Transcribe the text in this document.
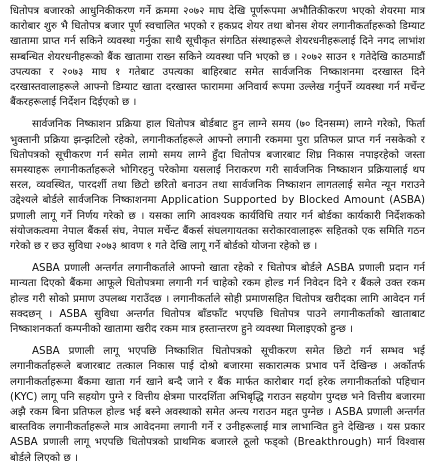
धितोपत्र बजारको आधुनिकीकरण गर्ने क्रममा २०७२ माघ देखि पूर्णरूपमा अभौतिकीकरण भएको शेयरमा मात्र कारोबार शुरु भै धितोपत्र बजार पूर्ण स्वचालित भएको र हकप्रद शेयर तथा बोनस शेयर लगानीकर्ताहरूको डिम्याट खातामा प्राप्त गर्न सकिने व्यवस्था गर्नुका साथै सूचीकृत संगठित संस्थाहरूले शेयरधनीहरूलाई दिने नगद लाभांश सम्बन्धित शेयरधनीहरूको बैंक खातामा राख्न सकिने व्यवस्था पनि भएको छ । २०७२ साउन १ गतेदेखि काठमाडौं उपत्यका र २०७३ माघ १ गतेबाट उपत्यका बाहिरबाट समेत सार्वजनिक निष्काशनमा दरखास्त दिने दरखास्तवालाहरूले आफ्नो डिम्याट खाता दरखास्त फाराममा अनिवार्य रूपमा उल्लेख गर्नुपर्ने व्यवस्था गर्न मर्चेन्ट बैंकरहरूलाई निर्देशन दिईएको छ ।

सार्वजनिक निष्काशन प्रक्रिया हाल धितोपत्र बोर्डबाट हुन लाग्ने समय (७० दिनसम्म) लाग्ने गरेको, फिर्ता भुक्तानी प्रक्रिया झन्झटिलो रहेको, लगानीकर्ताहरूले आफ्नो लगानी रकममा पुरा प्रतिफल प्राप्त गर्न नसकेको र धितोपत्रको सूचीकरण गर्न समेत लामो समय लाग्ने हुँदा धितोपत्र बजारबाट शिघ्र निकास नपाइरहेको जस्ता समस्याहरू लगानीकर्ताहरूले भोगिरहनु परेकोमा यसलाई निराकरण गरी सार्वजनिक निष्काशन प्रक्रियालाई थप सरल, व्यवस्थित, पारदर्शी तथा छिटो छरितो बनाउन तथा सार्वजनिक निष्काशन लागतलाई समेत न्यून गराउने उद्देश्यले बोर्डले सार्वजनिक निष्काशनमा Application Supported by Blocked Amount (ASBA) प्रणाली लागू गर्ने निर्णय गरेको छ । यसका लागि आवश्यक कार्यविधि तयार गर्न बोर्डका कार्यकारी निर्देशकको संयोजकत्वमा नेपाल बैंकर्स संघ, नेपाल मर्चेन्ट बैंकर्स संघलगायतका सरोकारवालाहरू सहितको एक समिति गठन गरेको छ र छउ सुविधा २०७३ श्रावण १ गते देखि लागू गर्ने बोर्डको योजना रहेको छ ।

ASBA प्रणाली अन्तर्गत लगानीकर्ताले आफ्नो खाता रहेको र धितोपत्र बोर्डले ASBA प्रणाली प्रदान गर्न मान्यता दिएको बैंकमा आफूले धितोपत्रमा लगानी गर्न चाहेको रकम होल्ड गर्न निवेदन दिने र बैंकले उक्त रकम होल्ड गरी सोको प्रमाण उपलब्ध गराउँदछ । लगानीकर्ताले सोही प्रमाणसहित धितोपत्र खरीदका लागि आवेदन गर्न सक्दछन् । ASBA सुविधा अन्तर्गत धितोपत्र बाँडफाँट भएपछि धितोपत्र पाउने लगानीकर्ताको खाताबाट निष्काशनकर्ता कम्पनीको खातामा खरीद रकम मात्र हस्तान्तरण हुने व्यवस्था मिलाइएको हुन्छ ।

ASBA प्रणाली लागू भएपछि निष्काशित धितोपत्रको सूचीकरण समेत छिटो गर्न सम्भव भई लगानीकर्ताहरूले बजारबाट तत्काल निकास पाई दोश्रो बजारमा सकारात्मक प्रभाव पर्ने देखिन्छ । अर्कोतर्फ लगानीकर्ताहरूमा बैंकमा खाता गर्न खाने बन्दै जाने र बैंक मार्फत कारोबार गर्दा हरेक लगानीकर्ताको पहिचान (KYC) लागू पनि सहयोग पुग्ने र वित्तीय क्षेत्रमा पारदर्शिता अभिबृद्धि गराउन सहयोग पुग्दछ भने वित्तीय बजारमा अझै रकम बिना प्रतिफल होल्ड भई बस्ने अवस्थाको समेत अन्त्य गराउन मद्दत पुग्नेछ । ASBA प्रणाली अन्तर्गत बास्तविक लगानीकर्ताहरूले मात्र आवेदनमा लगानी गर्ने र उनीहरूलाई मात्र लाभान्वित हुने देखिन्छ । यस प्रकार ASBA प्रणाली लागू भएपछि धितोपत्रको प्राथमिक बजारले ठूलो फड्को (Breakthrough) मार्न विश्वास बोर्डले लिएको छ ।
